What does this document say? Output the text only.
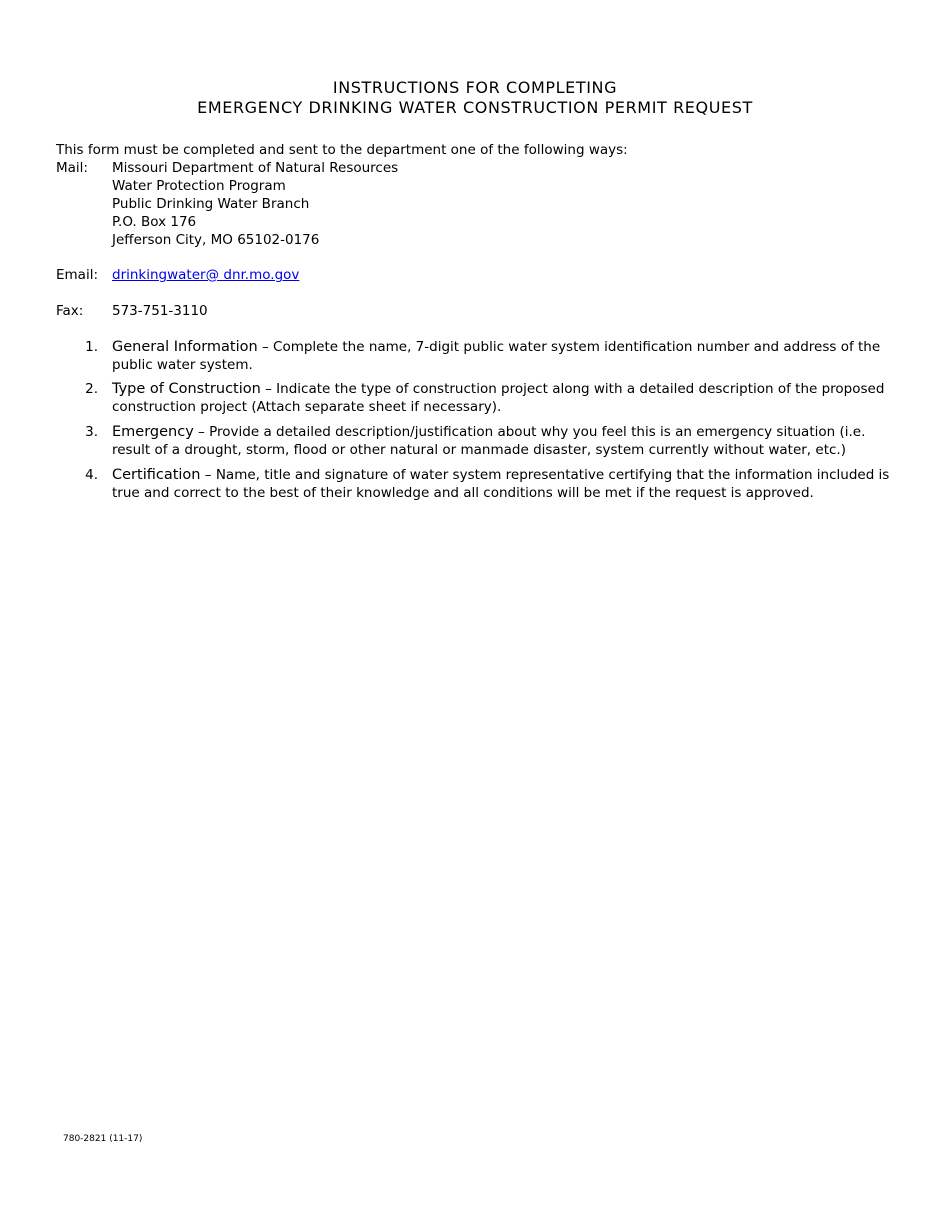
INSTRUCTIONS FOR COMPLETING
EMERGENCY DRINKING WATER CONSTRUCTION PERMIT REQUEST
This form must be completed and sent to the department one of the following ways:
Mail: Missouri Department of Natural Resources
Water Protection Program
Public Drinking Water Branch
P.O. Box 176
Jefferson City, MO 65102-0176
Email: drinkingwater@ dnr.mo.gov
Fax: 573-751-3110
1. General Information – Complete the name, 7-digit public water system identification number and address of the public water system.
2. Type of Construction – Indicate the type of construction project along with a detailed description of the proposed construction project (Attach separate sheet if necessary).
3. Emergency – Provide a detailed description/justification about why you feel this is an emergency situation (i.e. result of a drought, storm, flood or other natural or manmade disaster, system currently without water, etc.)
4. Certification – Name, title and signature of water system representative certifying that the information included is true and correct to the best of their knowledge and all conditions will be met if the request is approved.
780-2821 (11-17)
